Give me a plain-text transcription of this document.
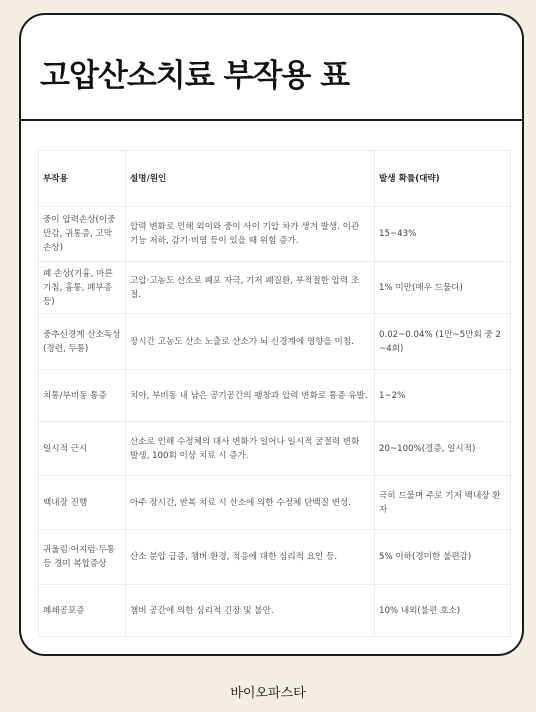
고압산소치료 부작용 표
부작용	설명/원인	발생 확률(대략)
중이 압력손상(이중 만감, 귀통증, 고막 손상)	압력 변화로 인해 외이와 중이 사이 기압 차가 생겨 발생. 이관 기능 저하, 감기·비염 등이 있을 때 위험 증가.	15~43%
폐 손상(기흉, 마른 기침, 흉통, 폐부종 등)	고압·고농도 산소로 폐포 자극, 기저 폐질환, 부적절한 압력 조절.	1% 미만(매우 드물다)
중추신경계 산소독성(경련, 두통)	장시간 고농도 산소 노출로 산소가 뇌 신경계에 영향을 미침.	0.02~0.04% (1만~5만회 중 2~4회)
치통/부비동 통증	치아, 부비동 내 남은 공기공간의 팽창과 압력 변화로 통증 유발.	1~2%
일시적 근시	산소로 인해 수정체의 대사 변화가 일어나 일시적 굴절력 변화 발생, 100회 이상 치료 시 증가.	20~100%(경증, 일시적)
백내장 진행	아주 장시간, 반복 치료 시 산소에 의한 수정체 단백질 변성.	극히 드물며 주로 기저 백내장 환자
귀울림·어지럼·두통 등 경미 복합증상	산소 분압 급증, 챔버 환경, 적응에 대한 심리적 요인 등.	5% 이하(경미한 불편감)
폐쇄공포증	챔버 공간에 의한 심리적 긴장 및 불안.	10% 내외(불편 호소)
바이오파스타
